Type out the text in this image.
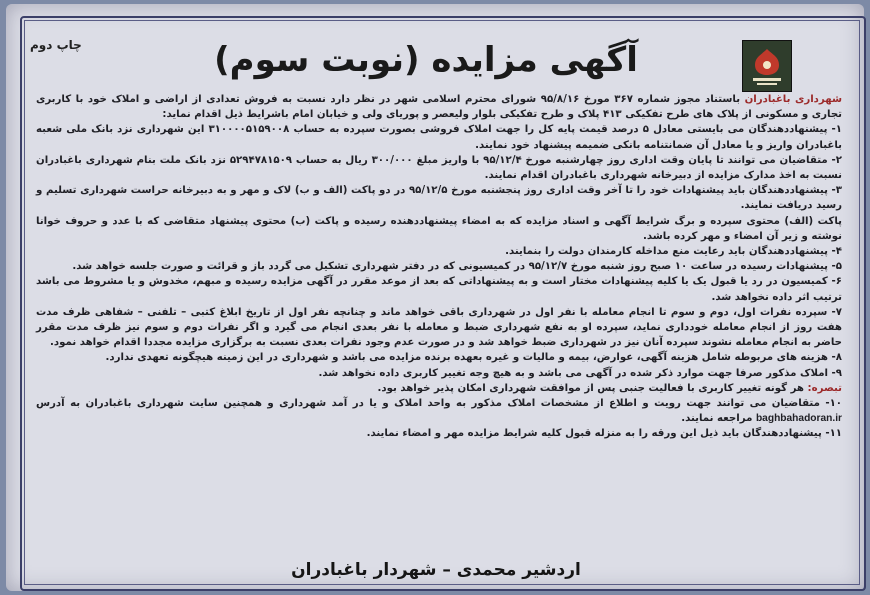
چاپ دوم	آگهی مزایده (نوبت سوم)

شهرداری باغبادران باستناد مجوز شماره ۳۶۷ مورخ ۹۵/۸/۱۶ شورای محترم اسلامی شهر در نظر دارد نسبت به فروش تعدادی از اراضی و املاک خود با کاربری تجاری و مسکونی از پلاک های طرح تفکیکی ۴۱۳ پلاک و طرح تفکیکی بلوار ولیعصر و پوریای ولی و خیابان امام باشرایط ذیل اقدام نماید:

۱- پیشنهاددهندگان می بایستی معادل ۵ درصد قیمت پایه کل را جهت املاک فروشی بصورت سپرده به حساب ۳۱۰۰۰۰۵۱۵۹۰۰۸ این شهرداری نزد بانک ملی شعبه باغبادران واریز و یا معادل آن ضمانتنامه بانکی ضمیمه پیشنهاد خود نمایند.

۲- متقاضیان می توانند تا پایان وقت اداری روز چهارشنبه مورخ ۹۵/۱۲/۴ با واریز مبلغ ۳۰۰/۰۰۰ ریال به حساب ۵۲۹۴۷۸۱۵۰۹ نزد بانک ملت بنام شهرداری باغبادران نسبت به اخذ مدارک مزایده از دبیرخانه شهرداری باغبادران اقدام نمایند.

۳- پیشنهاددهندگان باید پیشنهادات خود را تا آخر وقت اداری روز پنجشنبه مورخ ۹۵/۱۲/۵ در دو پاکت (الف و ب) لاک و مهر و به دبیرخانه حراست شهرداری تسلیم و رسید دریافت نمایند.

پاکت (الف) محتوی سپرده و برگ شرایط آگهی و اسناد مزایده که به امضاء پیشنهاددهنده رسیده و پاکت (ب) محتوی پیشنهاد متقاضی که با عدد و حروف خوانا نوشته و زیر آن امضاء و مهر کرده باشد.

۴- پیشنهاددهندگان باید رعایت منع مداخله کارمندان دولت را بنمایند.

۵- پیشنهادات رسیده در ساعت ۱۰ صبح روز شنبه مورخ ۹۵/۱۲/۷ در کمیسیونی که در دفتر شهرداری تشکیل می گردد باز و قرائت و صورت جلسه خواهد شد.

۶- کمیسیون در رد یا قبول یک یا کلیه پیشنهادات مختار است و به پیشنهاداتی که بعد از موعد مقرر در آگهی مزایده رسیده و مبهم، مخدوش و یا مشروط می باشد ترتیب اثر داده نخواهد شد.

۷- سپرده نفرات اول، دوم و سوم تا انجام معامله با نفر اول در شهرداری باقی خواهد ماند و چنانچه نفر اول از تاریخ ابلاغ کتبی – تلفنی – شفاهی ظرف مدت هفت روز از انجام معامله خودداری نماید، سپرده او به نفع شهرداری ضبط و معامله با نفر بعدی انجام می گیرد و اگر نفرات دوم و سوم نیز ظرف مدت مقرر حاضر به انجام معامله نشوند سپرده آنان نیز در شهرداری ضبط خواهد شد و در صورت عدم وجود نفرات بعدی نسبت به برگزاری مزایده مجددا اقدام خواهد نمود.

۸- هزینه های مربوطه شامل هزینه آگهی، عوارض، بیمه و مالیات و غیره بعهده برنده مزایده می باشد و شهرداری در این زمینه هیچگونه تعهدی ندارد.

۹- املاک مذکور صرفا جهت موارد ذکر شده در آگهی می باشد و به هیچ وجه تغییر کاربری داده نخواهد شد.

تبصره: هر گونه تغییر کاربری با فعالیت جنبی پس از موافقت شهرداری امکان پذیر خواهد بود.

۱۰- متقاضیان می توانند جهت رویت و اطلاع از مشخصات املاک مذکور به واحد املاک و یا در آمد شهرداری و همچنین سایت شهرداری باغبادران به آدرس baghbahadoran.ir مراجعه نمایند.

۱۱- پیشنهاددهندگان باید ذیل این ورقه را به منزله قبول کلیه شرایط مزایده مهر و امضاء نمایند.

اردشیر محمدی – شهردار باغبادران
